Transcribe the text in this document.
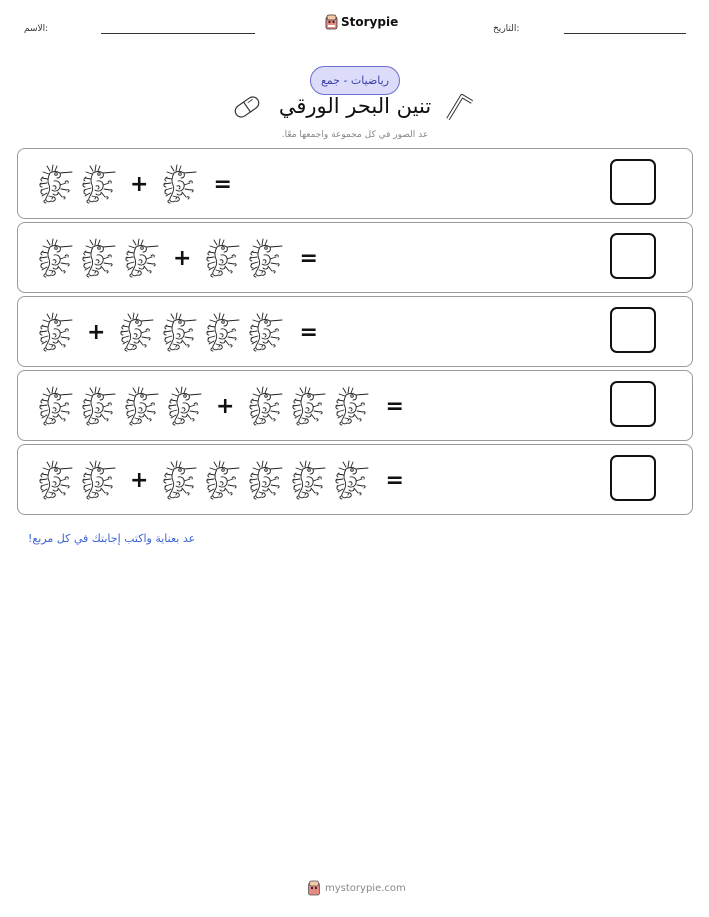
الاسم:	Storypie	التاريخ:
رياضيات - جمع
تنين البحر الورقي
عد الصور في كل مجموعة واجمعها معًا.
+	=
+	=
+	=
+	=
+	=
عد بعناية واكتب إجابتك في كل مربع!
mystorypie.com
